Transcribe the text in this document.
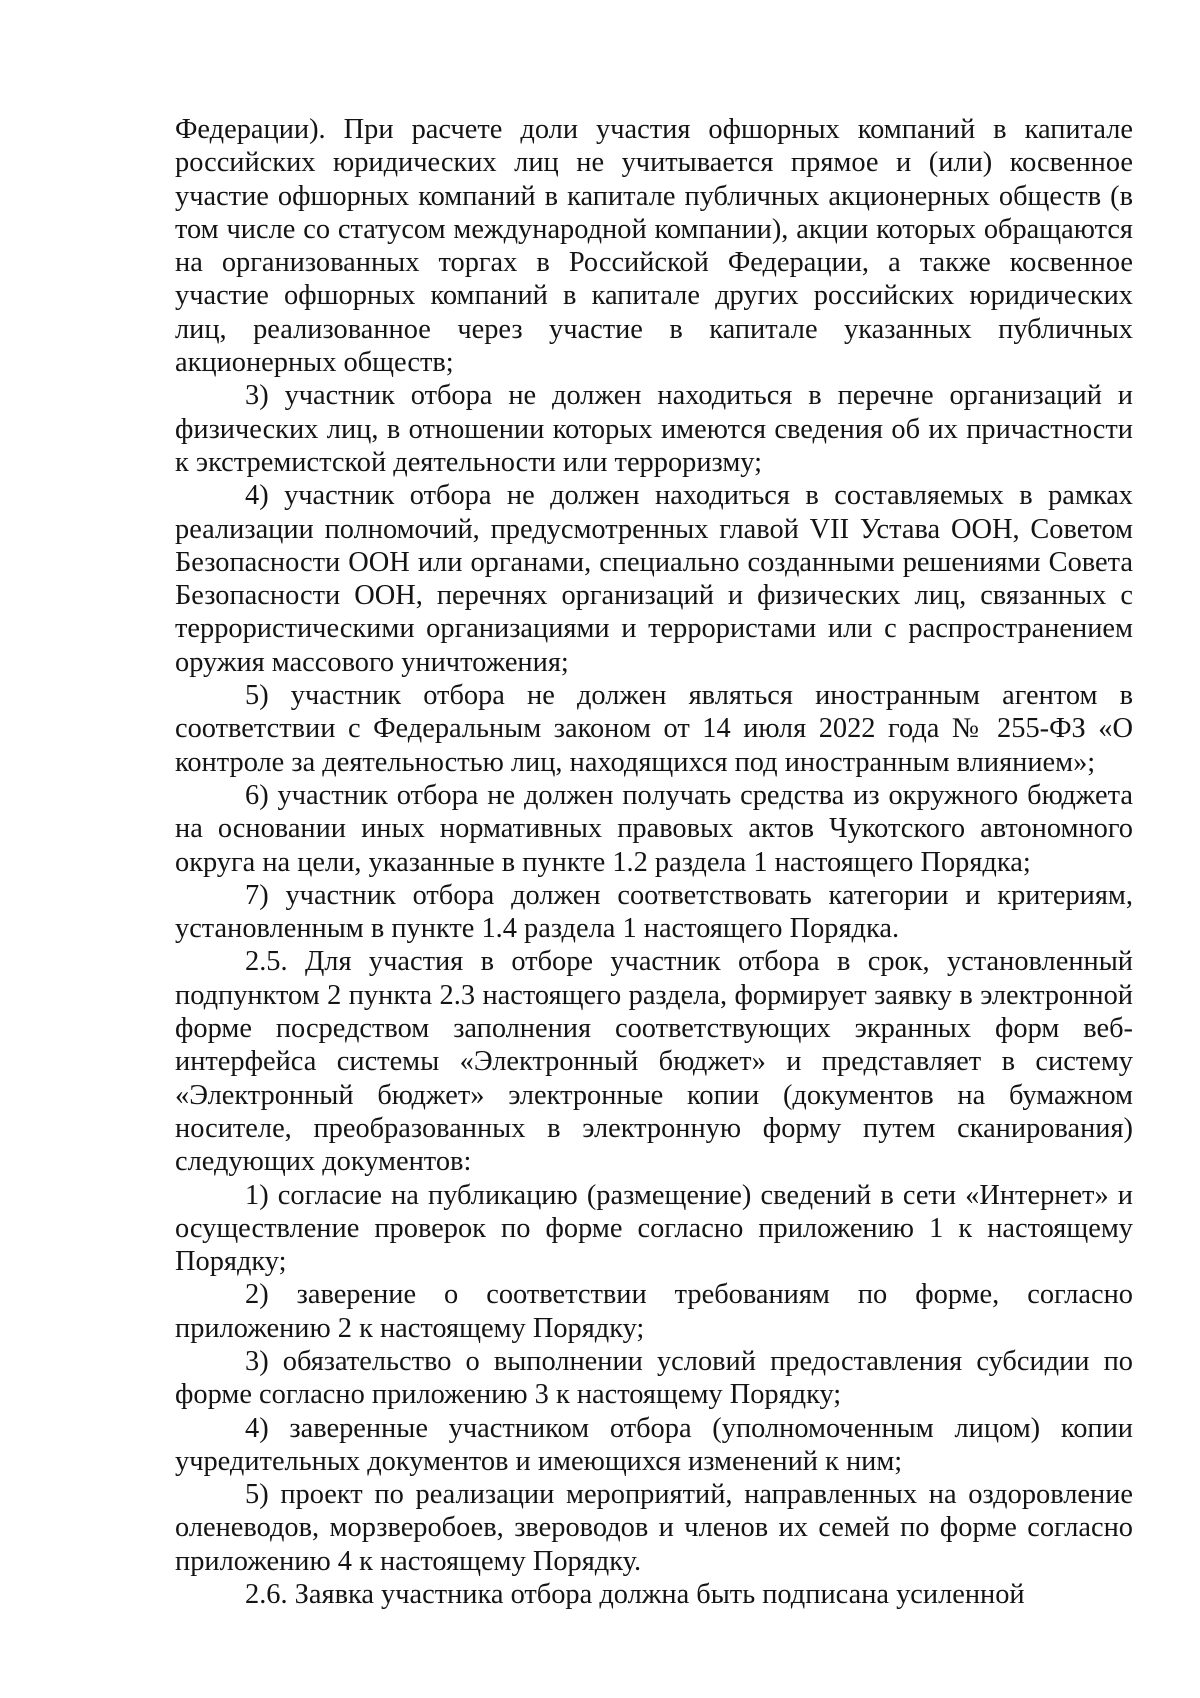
Федерации). При расчете доли участия офшорных компаний в капитале российских юридических лиц не учитывается прямое и (или) косвенное участие офшорных компаний в капитале публичных акционерных обществ (в том числе со статусом международной компании), акции которых обращаются на организованных торгах в Российской Федерации, а также косвенное участие офшорных компаний в капитале других российских юридических лиц, реализованное через участие в капитале указанных публичных акционерных обществ;

3) участник отбора не должен находиться в перечне организаций и физических лиц, в отношении которых имеются сведения об их причастности к экстремистской деятельности или терроризму;

4) участник отбора не должен находиться в составляемых в рамках реализации полномочий, предусмотренных главой VII Устава ООН, Советом Безопасности ООН или органами, специально созданными решениями Совета Безопасности ООН, перечнях организаций и физических лиц, связанных с террористическими организациями и террористами или с распространением оружия массового уничтожения;

5) участник отбора не должен являться иностранным агентом в соответствии с Федеральным законом от 14 июля 2022 года № 255-ФЗ «О контроле за деятельностью лиц, находящихся под иностранным влиянием»;

6) участник отбора не должен получать средства из окружного бюджета на основании иных нормативных правовых актов Чукотского автономного округа на цели, указанные в пункте 1.2 раздела 1 настоящего Порядка;

7) участник отбора должен соответствовать категории и критериям, установленным в пункте 1.4 раздела 1 настоящего Порядка.

2.5. Для участия в отборе участник отбора в срок, установленный подпунктом 2 пункта 2.3 настоящего раздела, формирует заявку в электронной форме посредством заполнения соответствующих экранных форм веб-интерфейса системы «Электронный бюджет» и представляет в систему «Электронный бюджет» электронные копии (документов на бумажном носителе, преобразованных в электронную форму путем сканирования) следующих документов:

1) согласие на публикацию (размещение) сведений в сети «Интернет» и осуществление проверок по форме согласно приложению 1 к настоящему Порядку;

2) заверение о соответствии требованиям по форме, согласно приложению 2 к настоящему Порядку;

3) обязательство о выполнении условий предоставления субсидии по форме согласно приложению 3 к настоящему Порядку;

4) заверенные участником отбора (уполномоченным лицом) копии учредительных документов и имеющихся изменений к ним;

5) проект по реализации мероприятий, направленных на оздоровление оленеводов, морзверобоев, звероводов и членов их семей по форме согласно приложению 4 к настоящему Порядку.

2.6. Заявка участника отбора должна быть подписана усиленной
